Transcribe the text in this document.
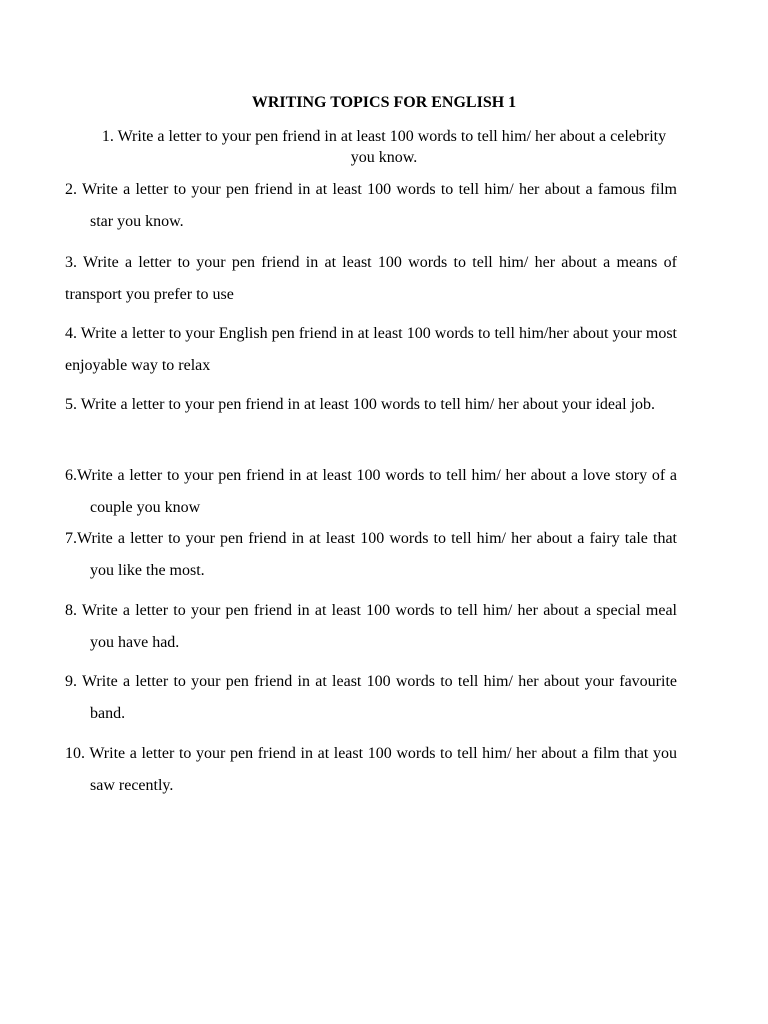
WRITING TOPICS FOR ENGLISH 1
1. Write a letter to your pen friend in at least 100 words to tell him/ her about a celebrity you know.

2. Write a letter to your pen friend in at least 100 words to tell him/ her about a famous film star you know.

3. Write a letter to your pen friend in at least 100 words to tell him/ her about a means of transport you prefer to use

4. Write a letter to your English pen friend in at least 100 words to tell him/her about your most enjoyable way to relax

5. Write a letter to your pen friend in at least 100 words to tell him/ her about your ideal job.

6.Write a letter to your pen friend in at least 100 words to tell him/ her about a love story of a couple you know

7.Write a letter to your pen friend in at least 100 words to tell him/ her about a fairy tale that you like the most.

8. Write a letter to your pen friend in at least 100 words to tell him/ her about a special meal you have had.

9. Write a letter to your pen friend in at least 100 words to tell him/ her about your favourite band.

10. Write a letter to your pen friend in at least 100 words to tell him/ her about a film that you saw recently.
